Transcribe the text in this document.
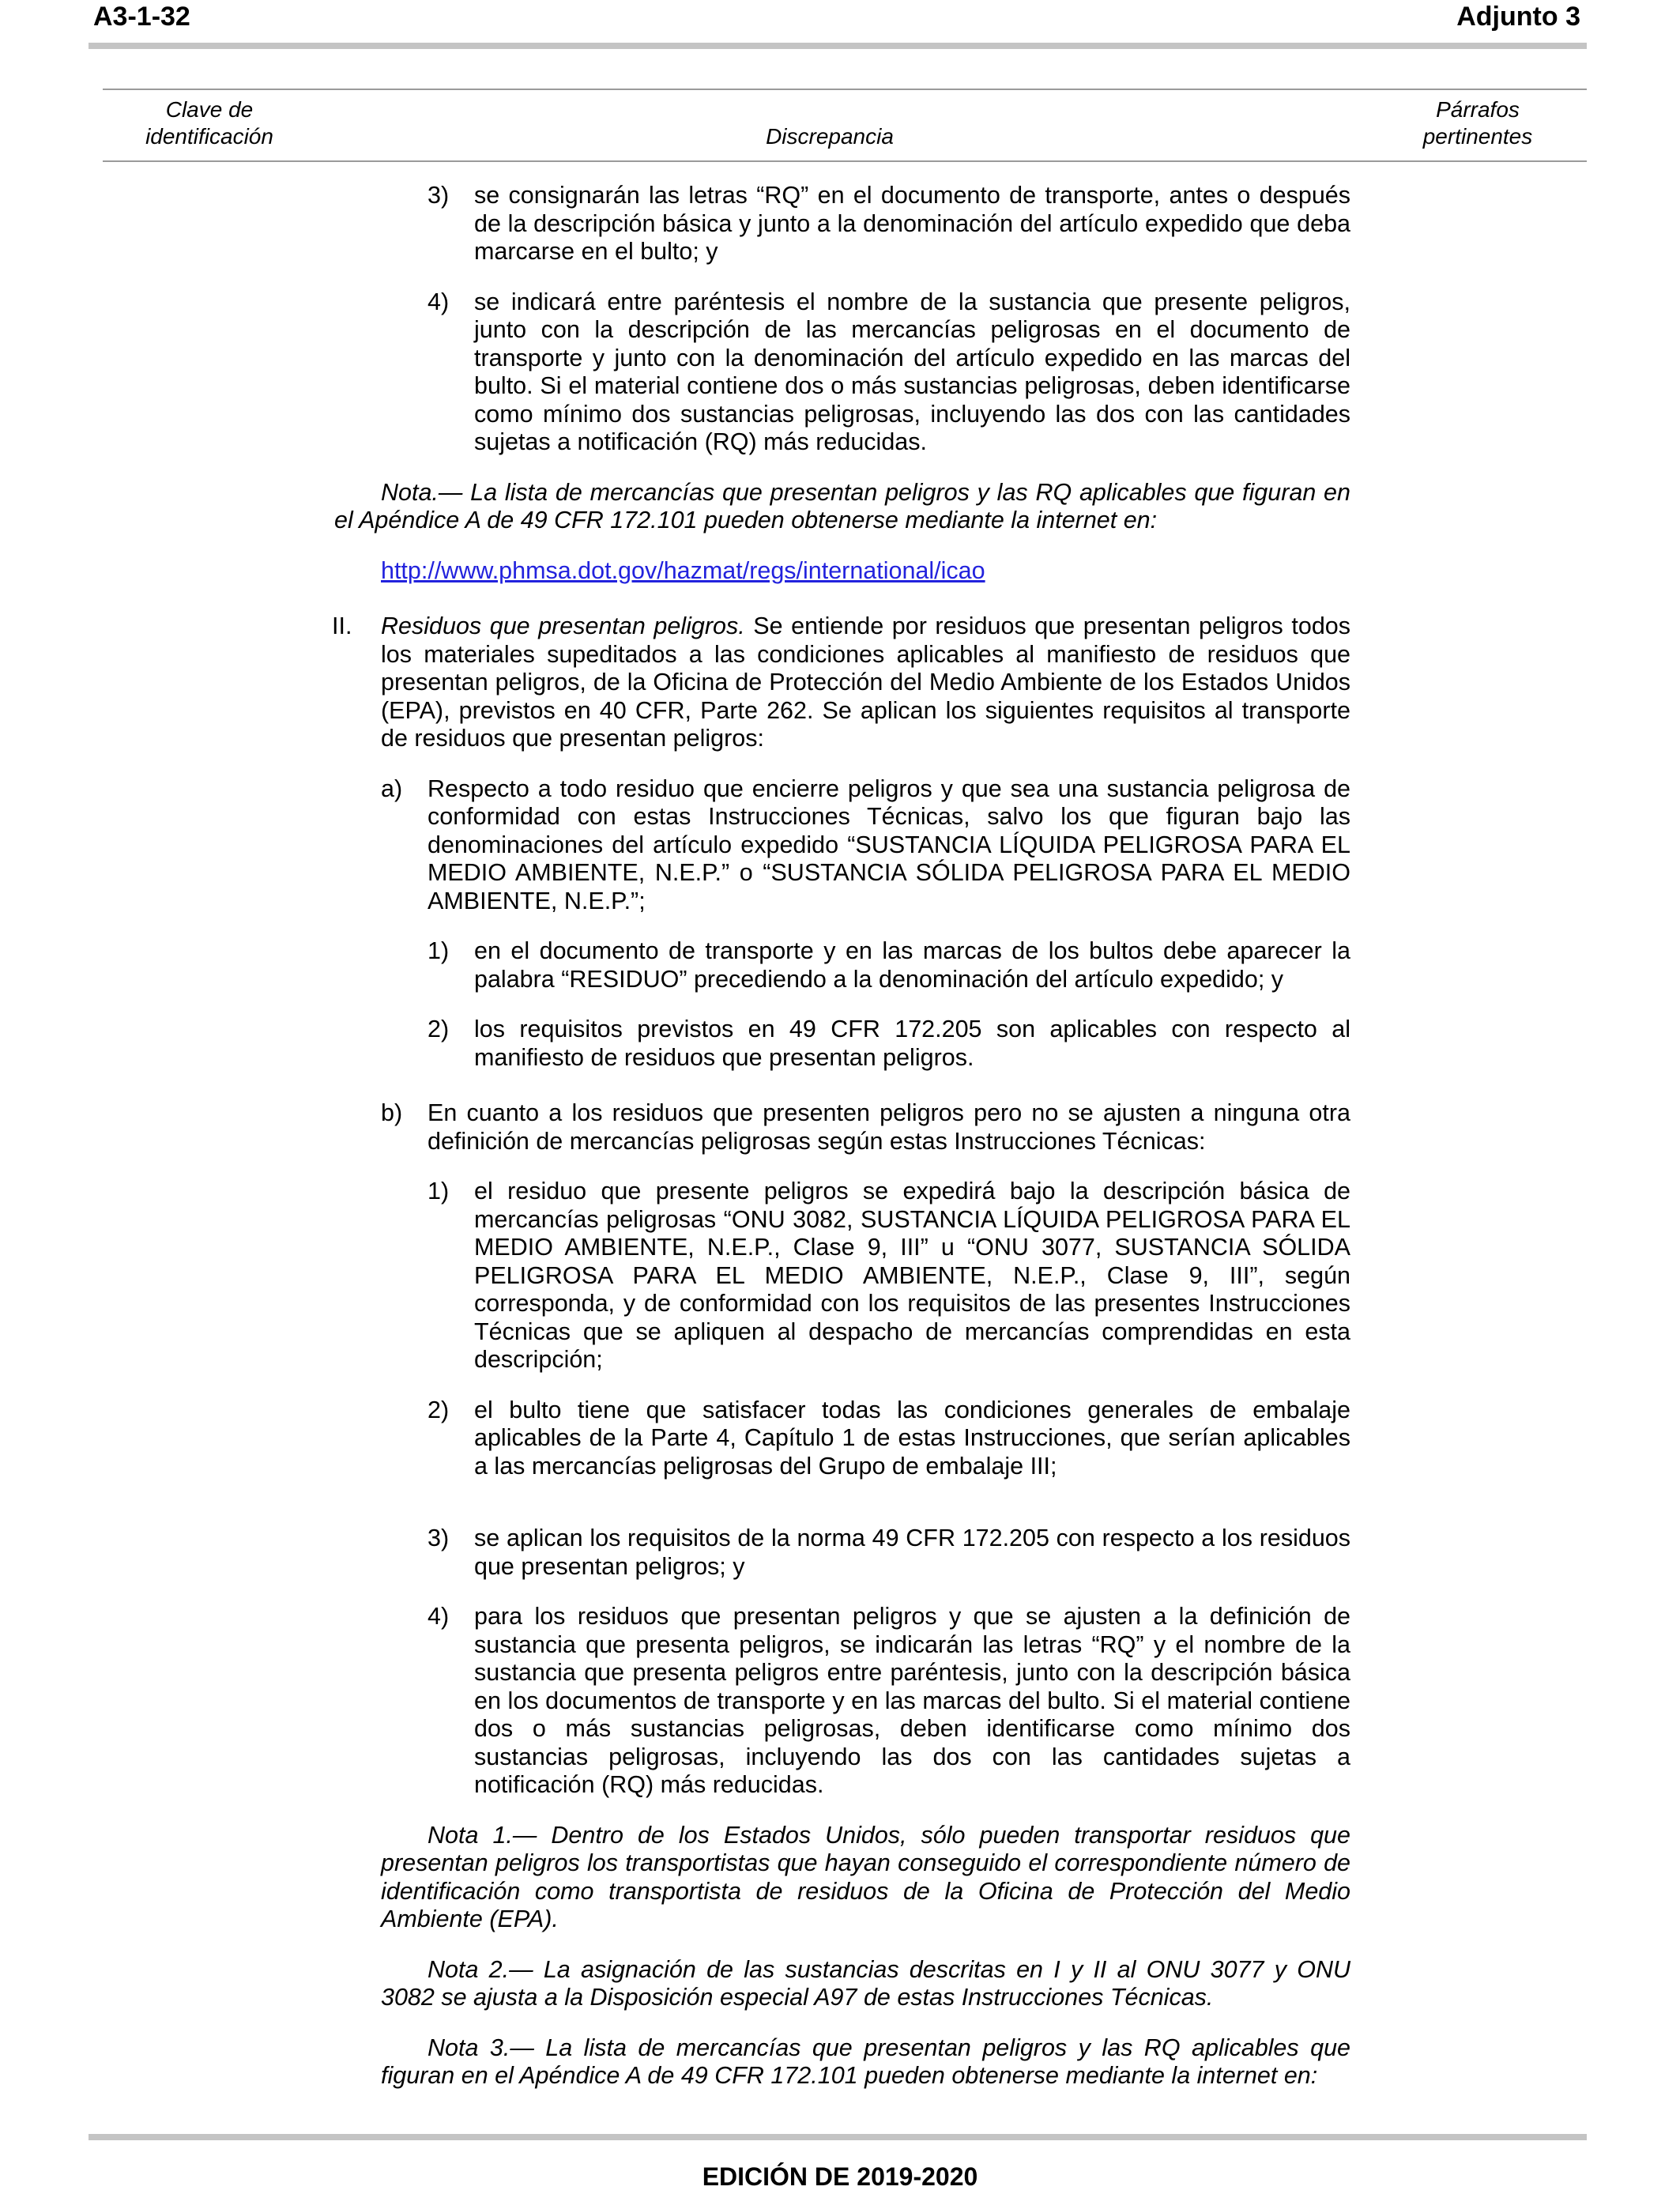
A3-1-32	Adjunto 3
Clave de
identificación	Discrepancia
Párrafos
pertinentes
3) se consignarán las letras “RQ” en el documento de transporte, antes o después de la descripción básica y junto a la denominación del artículo expedido que deba marcarse en el bulto; y
4) se indicará entre paréntesis el nombre de la sustancia que presente peligros, junto con la descripción de las mercancías peligrosas en el documento de transporte y junto con la denominación del artículo expedido en las marcas del bulto. Si el material contiene dos o más sustancias peligrosas, deben identificarse como mínimo dos sustancias peligrosas, incluyendo las dos con las cantidades sujetas a notificación (RQ) más reducidas.
Nota.— La lista de mercancías que presentan peligros y las RQ aplicables que figuran en el Apéndice A de 49 CFR 172.101 pueden obtenerse mediante la internet en:
http://www.phmsa.dot.gov/hazmat/regs/international/icao
II. Residuos que presentan peligros. Se entiende por residuos que presentan peligros todos los materiales supeditados a las condiciones aplicables al manifiesto de residuos que presentan peligros, de la Oficina de Protección del Medio Ambiente de los Estados Unidos (EPA), previstos en 40 CFR, Parte 262. Se aplican los siguientes requisitos al transporte de residuos que presentan peligros:
a) Respecto a todo residuo que encierre peligros y que sea una sustancia peligrosa de conformidad con estas Instrucciones Técnicas, salvo los que figuran bajo las denominaciones del artículo expedido “SUSTANCIA LÍQUIDA PELIGROSA PARA EL MEDIO AMBIENTE, N.E.P.” o “SUSTANCIA SÓLIDA PELIGROSA PARA EL MEDIO AMBIENTE, N.E.P.”;
1) en el documento de transporte y en las marcas de los bultos debe aparecer la palabra “RESIDUO” precediendo a la denominación del artículo expedido; y
2) los requisitos previstos en 49 CFR 172.205 son aplicables con respecto al manifiesto de residuos que presentan peligros.
b) En cuanto a los residuos que presenten peligros pero no se ajusten a ninguna otra definición de mercancías peligrosas según estas Instrucciones Técnicas:
1) el residuo que presente peligros se expedirá bajo la descripción básica de mercancías peligrosas “ONU 3082, SUSTANCIA LÍQUIDA PELIGROSA PARA EL MEDIO AMBIENTE, N.E.P., Clase 9, III” u “ONU 3077, SUSTANCIA SÓLIDA PELIGROSA PARA EL MEDIO AMBIENTE, N.E.P., Clase 9, III”, según corresponda, y de conformidad con los requisitos de las presentes Instrucciones Técnicas que se apliquen al despacho de mercancías comprendidas en esta descripción;
2) el bulto tiene que satisfacer todas las condiciones generales de embalaje aplicables de la Parte 4, Capítulo 1 de estas Instrucciones, que serían aplicables a las mercancías peligrosas del Grupo de embalaje III;
3) se aplican los requisitos de la norma 49 CFR 172.205 con respecto a los residuos que presentan peligros; y
4) para los residuos que presentan peligros y que se ajusten a la definición de sustancia que presenta peligros, se indicarán las letras “RQ” y el nombre de la sustancia que presenta peligros entre paréntesis, junto con la descripción básica en los documentos de transporte y en las marcas del bulto. Si el material contiene dos o más sustancias peligrosas, deben identificarse como mínimo dos sustancias peligrosas, incluyendo las dos con las cantidades sujetas a notificación (RQ) más reducidas.
Nota 1.— Dentro de los Estados Unidos, sólo pueden transportar residuos que presentan peligros los transportistas que hayan conseguido el correspondiente número de identificación como transportista de residuos de la Oficina de Protección del Medio Ambiente (EPA).
Nota 2.— La asignación de las sustancias descritas en I y II al ONU 3077 y ONU 3082 se ajusta a la Disposición especial A97 de estas Instrucciones Técnicas.
Nota 3.— La lista de mercancías que presentan peligros y las RQ aplicables que figuran en el Apéndice A de 49 CFR 172.101 pueden obtenerse mediante la internet en:
EDICIÓN DE 2019-2020
